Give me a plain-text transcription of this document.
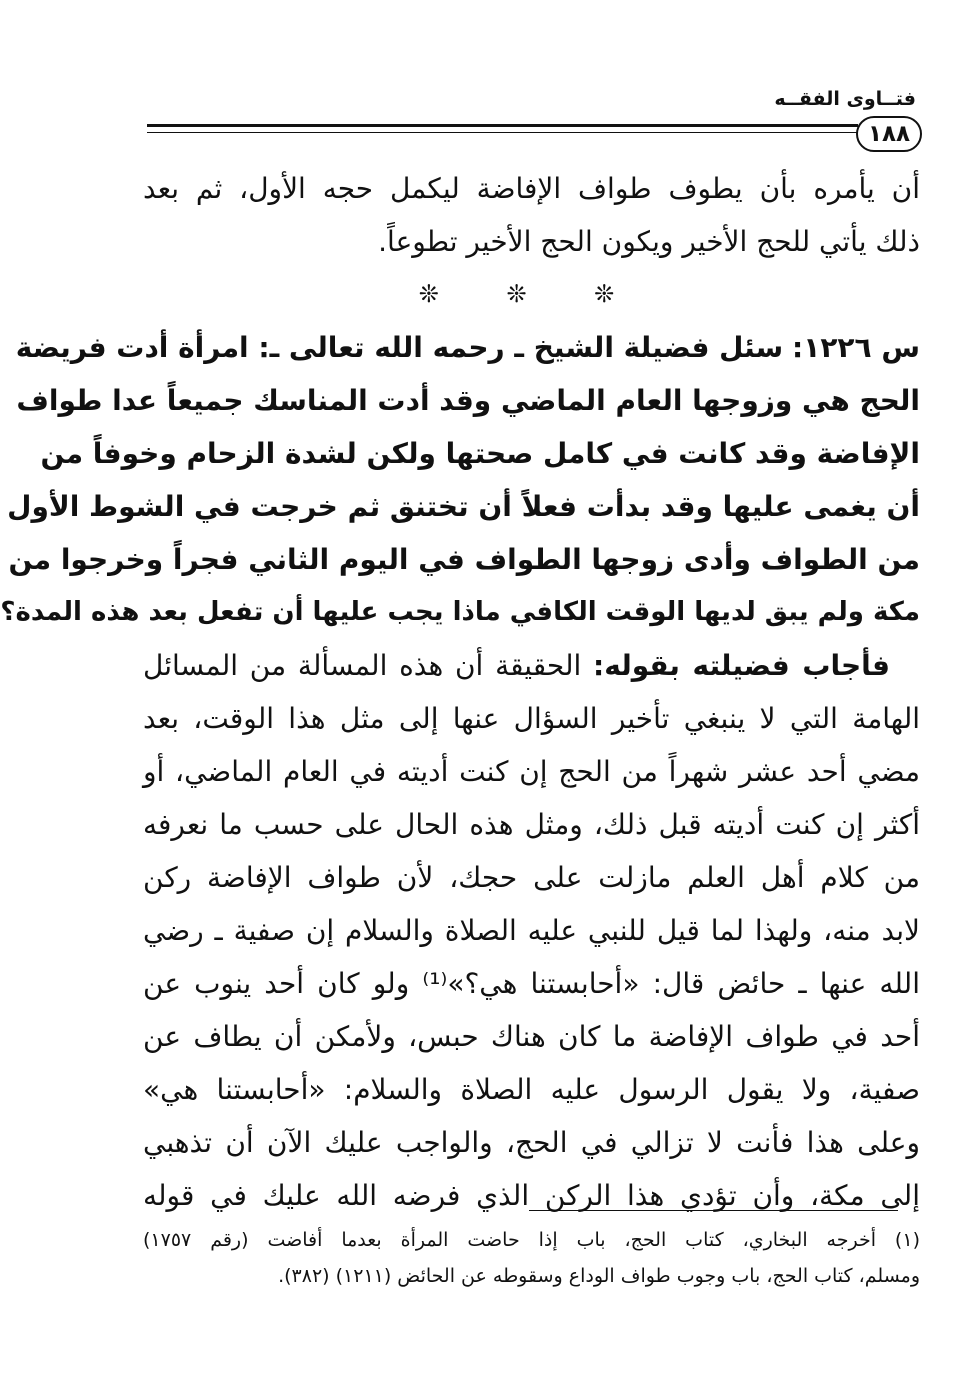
فتــاوى الفقــه
١٨٨
أن يأمره بأن يطوف طواف الإفاضة ليكمل حجه الأول، ثم بعد
ذلك يأتي للحج الأخير ويكون الحج الأخير تطوعاً.
❊ ❊ ❊
س ١٢٢٦: سئل فضيلة الشيخ ـ رحمه الله تعالى ـ: امرأة أدت فريضة
الحج هي وزوجها العام الماضي وقد أدت المناسك جميعاً عدا طواف
الإفاضة وقد كانت في كامل صحتها ولكن لشدة الزحام وخوفاً من
أن يغمى عليها وقد بدأت فعلاً أن تختنق ثم خرجت في الشوط الأول
من الطواف وأدى زوجها الطواف في اليوم الثاني فجراً وخرجوا من
مكة ولم يبق لديها الوقت الكافي ماذا يجب عليها أن تفعل بعد هذه المدة؟
فأجاب فضيلته بقوله: الحقيقة أن هذه المسألة من المسائل
الهامة التي لا ينبغي تأخير السؤال عنها إلى مثل هذا الوقت، بعد
مضي أحد عشر شهراً من الحج إن كنت أديته في العام الماضي، أو
أكثر إن كنت أديته قبل ذلك، ومثل هذه الحال على حسب ما نعرفه
من كلام أهل العلم مازلت على حجك، لأن طواف الإفاضة ركن
لابد منه، ولهذا لما قيل للنبي عليه الصلاة والسلام إن صفية ـ رضي
الله عنها ـ حائض قال: «أحابستنا هي؟»⁽¹⁾ ولو كان أحد ينوب عن
أحد في طواف الإفاضة ما كان هناك حبس، ولأمكن أن يطاف عن
صفية، ولا يقول الرسول عليه الصلاة والسلام: «أحابستنا هي»
وعلى هذا فأنت لا تزالي في الحج، والواجب عليك الآن أن تذهبي
إلى مكة، وأن تؤدي هذا الركن الذي فرضه الله عليك في قوله
(١) أخرجه البخاري، كتاب الحج، باب إذا حاضت المرأة بعدما أفاضت (رقم ١٧٥٧)
ومسلم، كتاب الحج، باب وجوب طواف الوداع وسقوطه عن الحائض (١٢١١) (٣٨٢).
